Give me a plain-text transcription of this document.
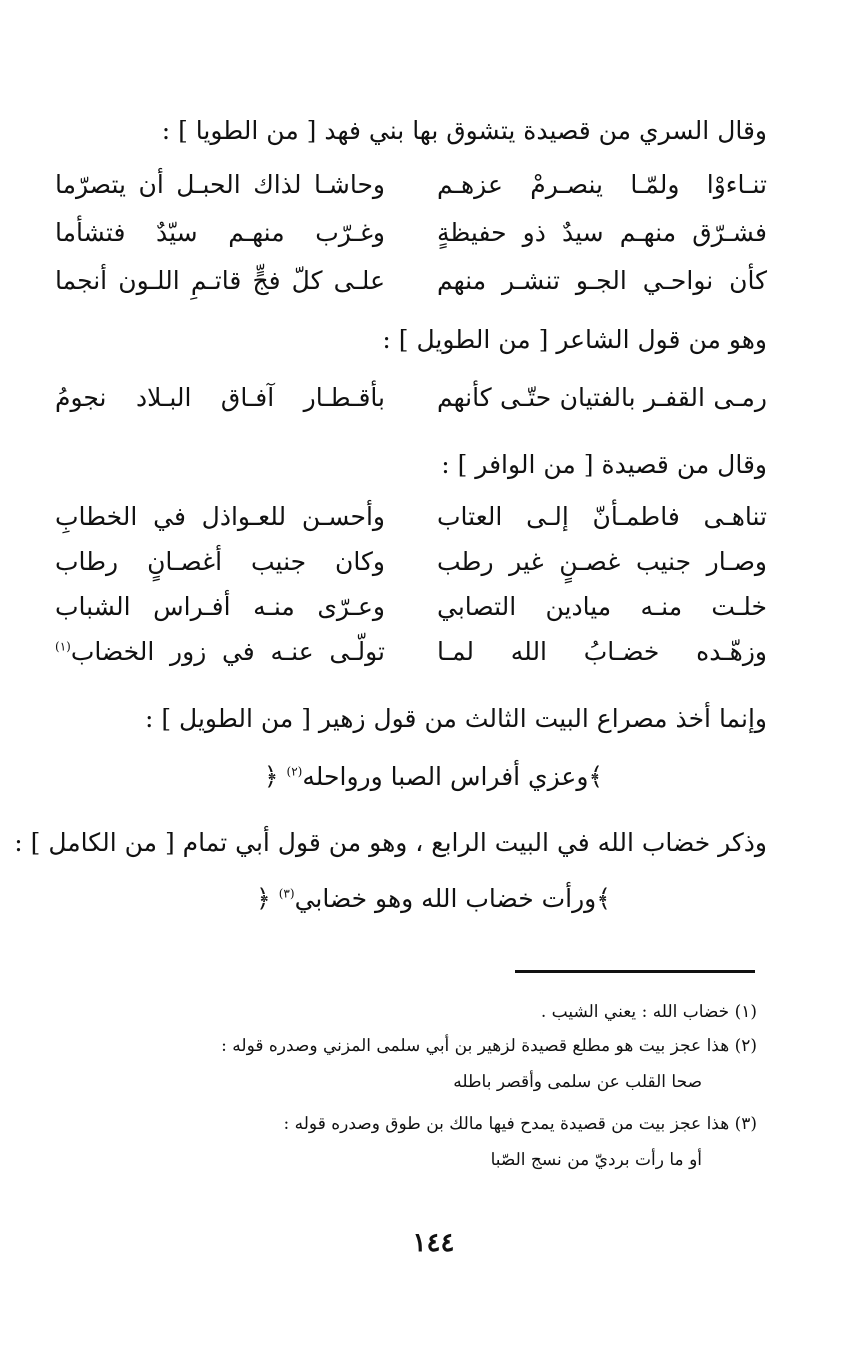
وقال السري من قصيدة يتشوق بها بني فهد [ من الطويا ] :
تنـاءوْا ولمّـا ينصـرمْ عزهـم
وحاشـا لذاك الحبـل أن يتصرّما
فشـرّق منهـم سيدٌ ذو حفيظةٍ
وغـرّب منهـم سيّدٌ فتشأما
كأن نواحـي الجـو تنشـر منهم
علـى كلّ فجٍّ قاتـمِ اللـون أنجما
وهو من قول الشاعر [ من الطويل ] :
رمـى القفـر بالفتيان حتّـى كأنهم
بأقـطـار آفـاق البـلاد نجومُ
وقال من قصيدة [ من الوافر ] :
تناهـى فاطمـأنّ إلـى العتاب
وأحسـن للعـواذل في الخطابِ
وصـار جنيب غصـنٍ غير رطب
وكان جنيب أغصـانٍ رطاب
خلـت منـه ميادين التصابي
وعـرّى منـه أفـراس الشباب
وزهّـده خضـابُ الله لمـا
تولّـى عنـه في زور الخضاب$^{(١)}$
وإنما أخذ مصراع البيت الثالث من قول زهير [ من الطويل ] :
﴾وعزي أفراس الصبا ورواحله$^{(٢)}$ ﴿
وذكر خضاب الله في البيت الرابع ، وهو من قول أبي تمام [ من الكامل ] :
﴾ورأت خضاب الله وهو خضابي$^{(٣)}$ ﴿
(١) خضاب الله : يعني الشيب .
(٢) هذا عجز بيت هو مطلع قصيدة لزهير بن أبي سلمى المزني وصدره قوله :
صحا القلب عن سلمى وأقصر باطله
(٣) هذا عجز بيت من قصيدة يمدح فيها مالك بن طوق وصدره قوله :
أو ما رأت برديّ من نسج الصّبا
١٤٤
